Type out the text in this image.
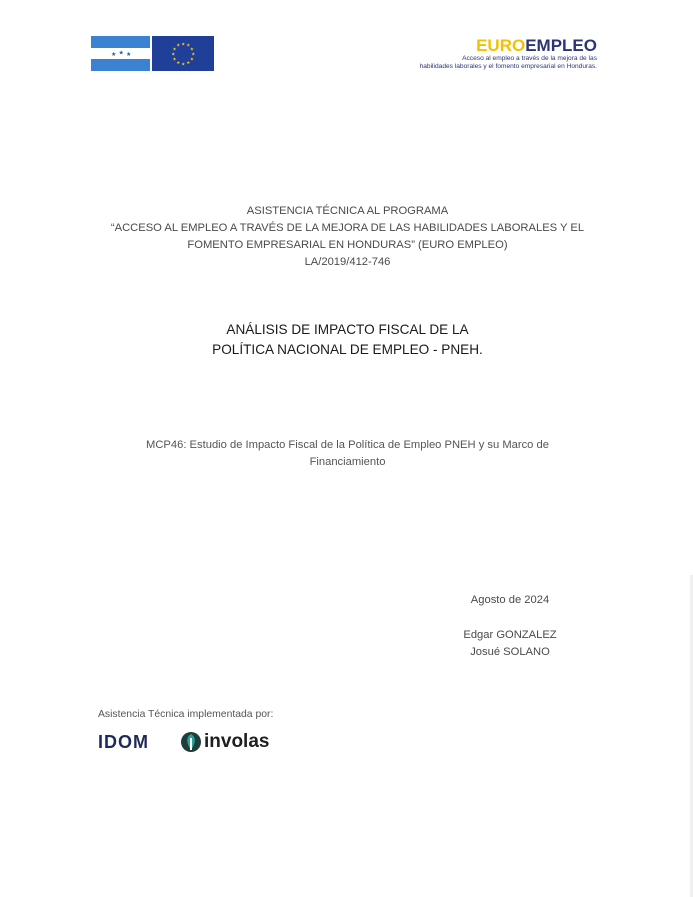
★ ★
★
★ ★
★
★
★
★
★
★
★
★
★
★	EUROEMPLEO
Acceso al empleo a través de la mejora de las
habilidades laborales y el fomento empresarial en Honduras.
ASISTENCIA TÉCNICA AL PROGRAMA
“ACCESO AL EMPLEO A TRAVÉS DE LA MEJORA DE LAS HABILIDADES LABORALES Y EL
FOMENTO EMPRESARIAL EN HONDURAS” (EURO EMPLEO)
LA/2019/412-746
ANÁLISIS DE IMPACTO FISCAL DE LA
POLÍTICA NACIONAL DE EMPLEO - PNEH.
MCP46: Estudio de Impacto Fiscal de la Política de Empleo PNEH y su Marco de
Financiamiento
Agosto de 2024
Edgar GONZALEZ
Josué SOLANO
Asistencia Técnica implementada por:
IDOM	involas
